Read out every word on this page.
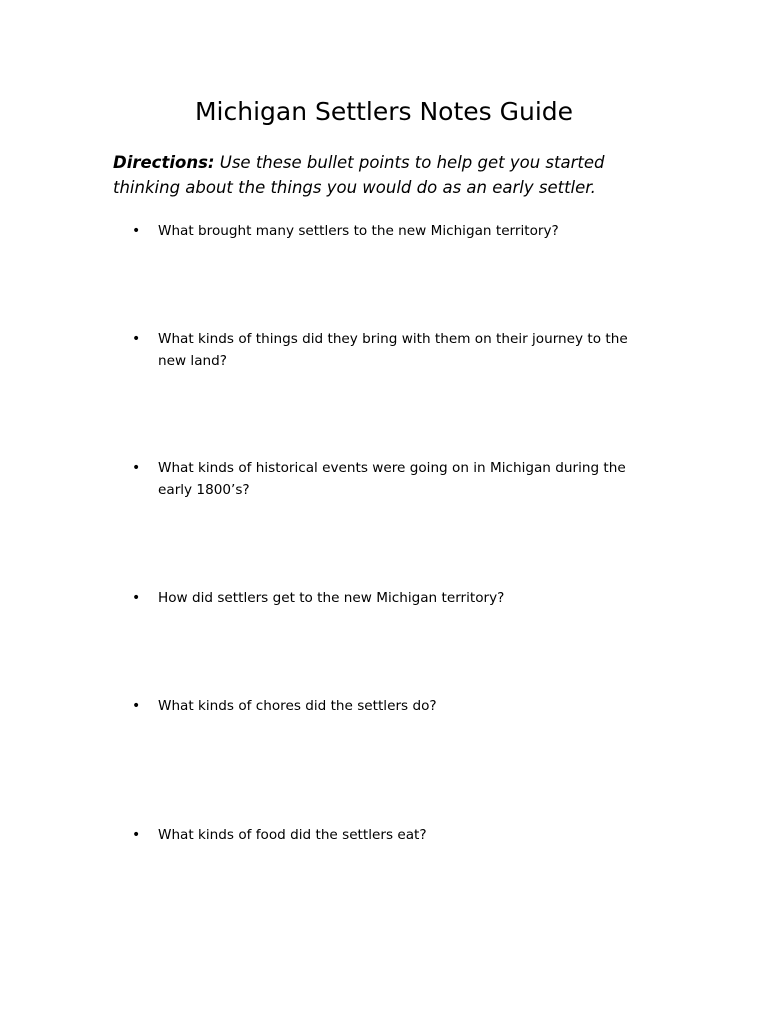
Michigan Settlers Notes Guide

Directions: Use these bullet points to help get you started thinking about the things you would do as an early settler.

•	What brought many settlers to the new Michigan territory?
•	What kinds of things did they bring with them on their journey to the new land?
•	What kinds of historical events were going on in Michigan during the early 1800’s?
•	How did settlers get to the new Michigan territory?
•	What kinds of chores did the settlers do?
•	What kinds of food did the settlers eat?
